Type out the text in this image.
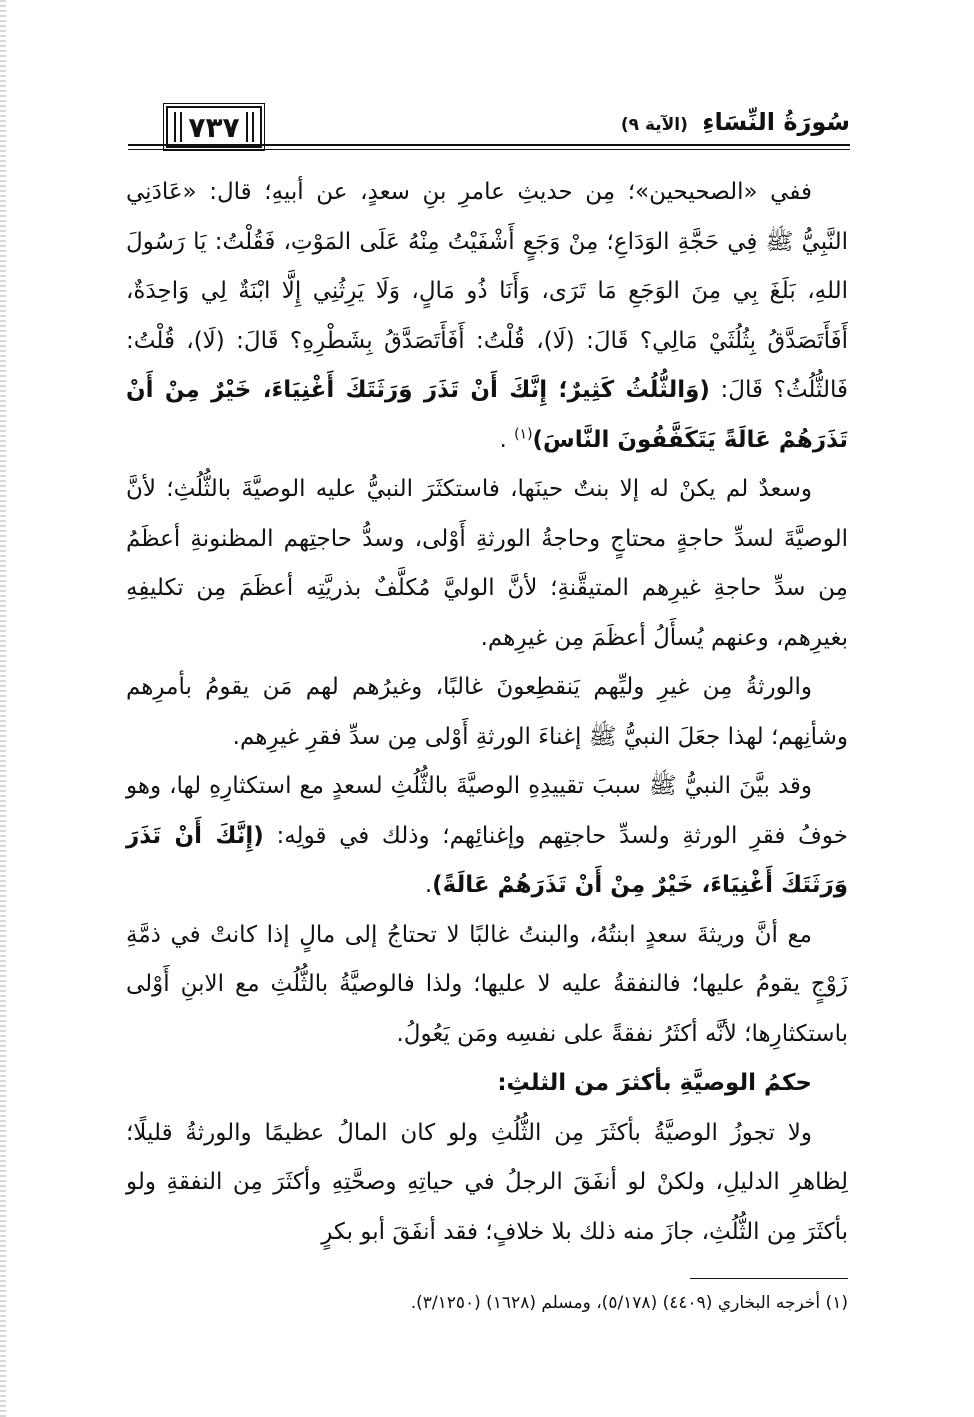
٧٣٧	سُورَةُ النِّسَاءِ (الآية ٩)

ففي «الصحيحين»؛ مِن حديثِ عامرِ بنِ سعدٍ، عن أبيهِ؛ قال: «عَادَنِي النَّبِيُّ ﷺ فِي حَجَّةِ الوَدَاعِ؛ مِنْ وَجَعٍ أَشْفَيْتُ مِنْهُ عَلَى المَوْتِ، فَقُلْتُ: يَا رَسُولَ اللهِ، بَلَغَ بِي مِنَ الوَجَعِ مَا تَرَى، وَأَنَا ذُو مَالٍ، وَلَا يَرِثُنِي إِلَّا ابْنَةٌ لِي وَاحِدَةٌ، أَفَأَتَصَدَّقُ بِثُلُثَيْ مَالِي؟ قَالَ: (لَا)، قُلْتُ: أَفَأَتَصَدَّقُ بِشَطْرِهِ؟ قَالَ: (لَا)، قُلْتُ: فَالثُّلُثُ؟ قَالَ: (وَالثُّلُثُ كَثِيرٌ؛ إِنَّكَ أَنْ تَذَرَ وَرَثَتَكَ أَغْنِيَاءَ، خَيْرٌ مِنْ أَنْ تَذَرَهُمْ عَالَةً يَتَكَفَّفُونَ النَّاسَ)$^{(١)}$ .

وسعدٌ لم يكنْ له إلا بنتٌ حينَها، فاستكثَرَ النبيُّ عليه الوصيَّةَ بالثُّلُثِ؛ لأنَّ الوصيَّةَ لسدِّ حاجةٍ محتاجٍ وحاجةُ الورثةِ أَوْلى، وسدُّ حاجتِهم المظنونةِ أعظَمُ مِن سدِّ حاجةِ غيرِهم المتيقَّنةِ؛ لأنَّ الوليَّ مُكلَّفٌ بذريَّتِه أعظَمَ مِن تكليفِهِ بغيرِهم، وعنهم يُسأَلُ أعظَمَ مِن غيرِهم.

والورثةُ مِن غيرِ وليِّهم يَنقطِعونَ غالبًا، وغيرُهم لهم مَن يقومُ بأمرِهم وشأنِهم؛ لهذا جعَلَ النبيُّ ﷺ إغناءَ الورثةِ أَوْلى مِن سدِّ فقرِ غيرِهم.

وقد بيَّنَ النبيُّ ﷺ سببَ تقييدِهِ الوصيَّةَ بالثُّلُثِ لسعدٍ مع استكثارِهِ لها، وهو خوفُ فقرِ الورثةِ ولسدِّ حاجتِهم وإغنائِهم؛ وذلك في قولِه: (إِنَّكَ أَنْ تَذَرَ وَرَثَتَكَ أَغْنِيَاءَ، خَيْرٌ مِنْ أَنْ تَذَرَهُمْ عَالَةً).

مع أنَّ وريثةَ سعدٍ ابنتُهُ، والبنتُ غالبًا لا تحتاجُ إلى مالٍ إذا كانتْ في ذمَّةِ زَوْجٍ يقومُ عليها؛ فالنفقةُ عليه لا عليها؛ ولذا فالوصيَّةُ بالثُّلُثِ مع الابنِ أَوْلى باستكثارِها؛ لأنَّه أكثَرُ نفقةً على نفسِه ومَن يَعُولُ.

حكمُ الوصيَّةِ بأكثرَ من الثلثِ:

ولا تجوزُ الوصيَّةُ بأكثَرَ مِن الثُّلُثِ ولو كان المالُ عظيمًا والورثةُ قليلًا؛ لِظاهرِ الدليلِ، ولكنْ لو أنفَقَ الرجلُ في حياتِهِ وصحَّتِهِ وأكثَرَ مِن النفقةِ ولو بأكثَرَ مِن الثُّلُثِ، جازَ منه ذلك بلا خلافٍ؛ فقد أنفَقَ أبو بكرٍ

(١) أخرجه البخاري (٤٤٠٩) (٥/١٧٨)، ومسلم (١٦٢٨) (٣/١٢٥٠).
